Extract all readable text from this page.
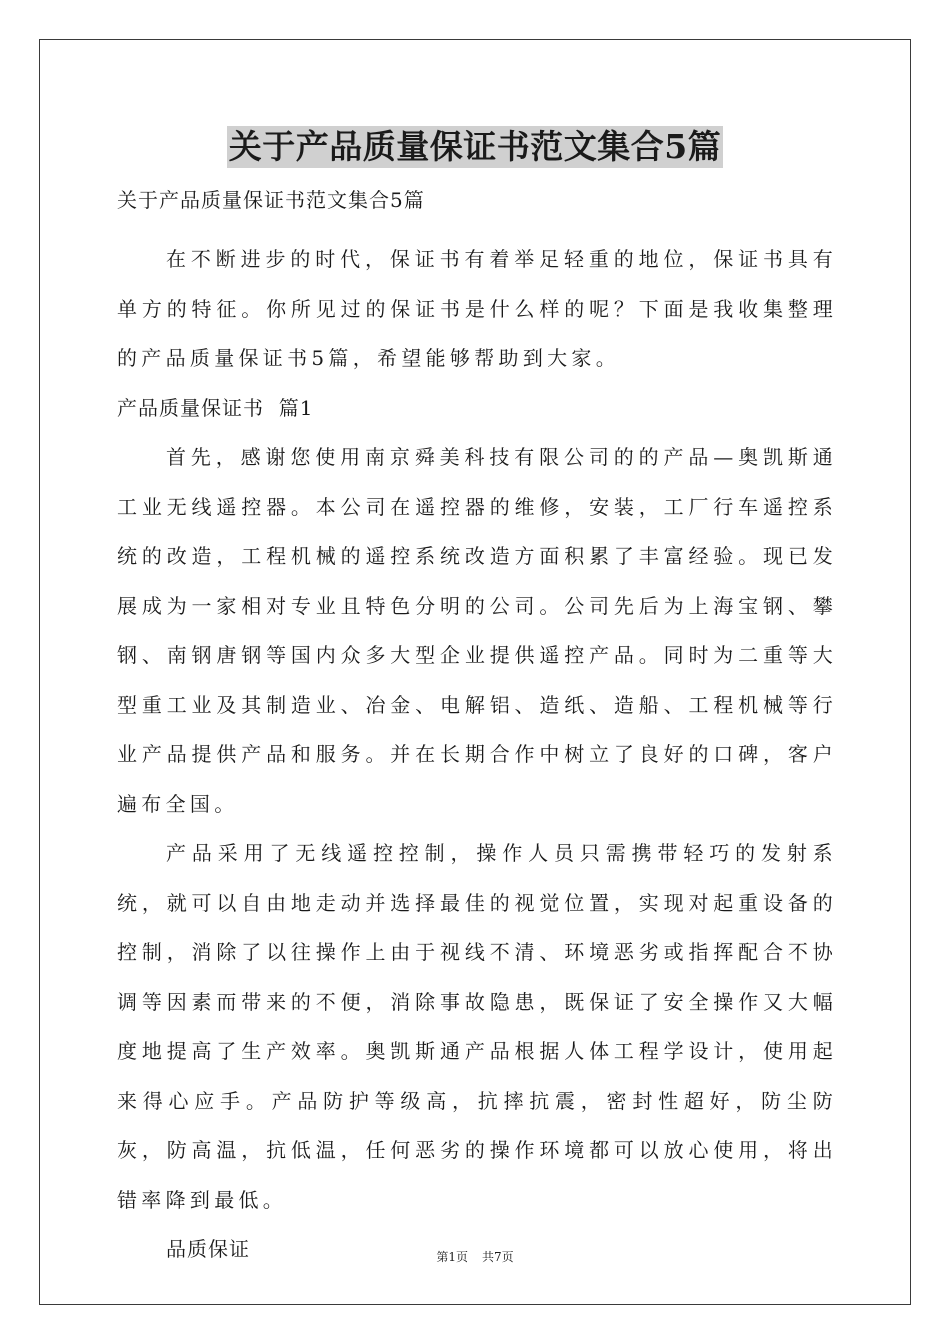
关于产品质量保证书范文集合5篇

关于产品质量保证书范文集合5篇

在不断进步的时代，保证书有着举足轻重的地位，保证书具有单方的特征。你所见过的保证书是什么样的呢？下面是我收集整理的产品质量保证书5篇，希望能够帮助到大家。

产品质量保证书  篇1

首先，感谢您使用南京舜美科技有限公司的的产品—奥凯斯通工业无线遥控器。本公司在遥控器的维修，安装，工厂行车遥控系统的改造，工程机械的遥控系统改造方面积累了丰富经验。现已发展成为一家相对专业且特色分明的公司。公司先后为上海宝钢、攀钢、南钢唐钢等国内众多大型企业提供遥控产品。同时为二重等大型重工业及其制造业、冶金、电解铝、造纸、造船、工程机械等行业产品提供产品和服务。并在长期合作中树立了良好的口碑，客户遍布全国。

产品采用了无线遥控控制，操作人员只需携带轻巧的发射系统，就可以自由地走动并选择最佳的视觉位置，实现对起重设备的控制，消除了以往操作上由于视线不清、环境恶劣或指挥配合不协调等因素而带来的不便，消除事故隐患，既保证了安全操作又大幅度地提高了生产效率。奥凯斯通产品根据人体工程学设计，使用起来得心应手。产品防护等级高，抗摔抗震，密封性超好，防尘防灰，防高温，抗低温，任何恶劣的操作环境都可以放心使用，将出错率降到最低。

品质保证	第1页 共7页
